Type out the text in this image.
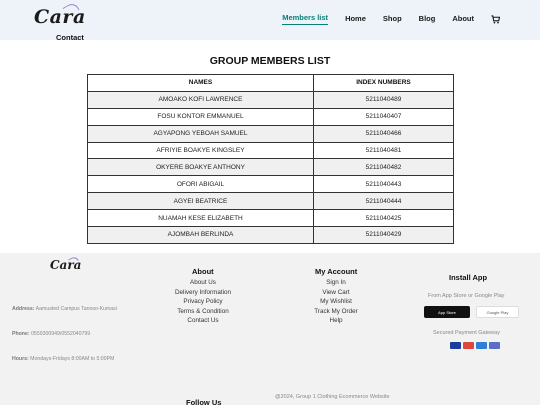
Cara	Members list Home Shop Blog About
GROUP MEMBERS LIST
NAMES	INDEX NUMBERS
AMOAKO KOFI LAWRENCE	5211040489
FOSU KONTOR EMMANUEL	5211040407
AGYAPONG YEBOAH SAMUEL	5211040466
AFRIYIE BOAKYE KINGSLEY	5211040481
OKYERE BOAKYE ANTHONY	5211040482
OFORI ABIGAIL	5211040443
AGYEI BEATRICE	5211040444
NUAMAH KESE ELIZABETH	5211040425
AJOMBAH BERLINDA	5211040429
Cara
Contact
Address: Aamusted Campus Tanoso-Kumasi
Phone: 0559300949/0552040799
Hours: Mondays-Fridays 8:00AM to 5:00PM
About
About Us
Delivery Information
Privacy Policy
Terms & Condition
Contact Us
My Account
Sign In
View Cart
My Wishlist
Track My Order
Help
Install App
From App Store or Google Play
App Store	Google Play
Secured Payment Gateway
Follow Us
@2024, Group 1 Clothing Ecommerce Website
